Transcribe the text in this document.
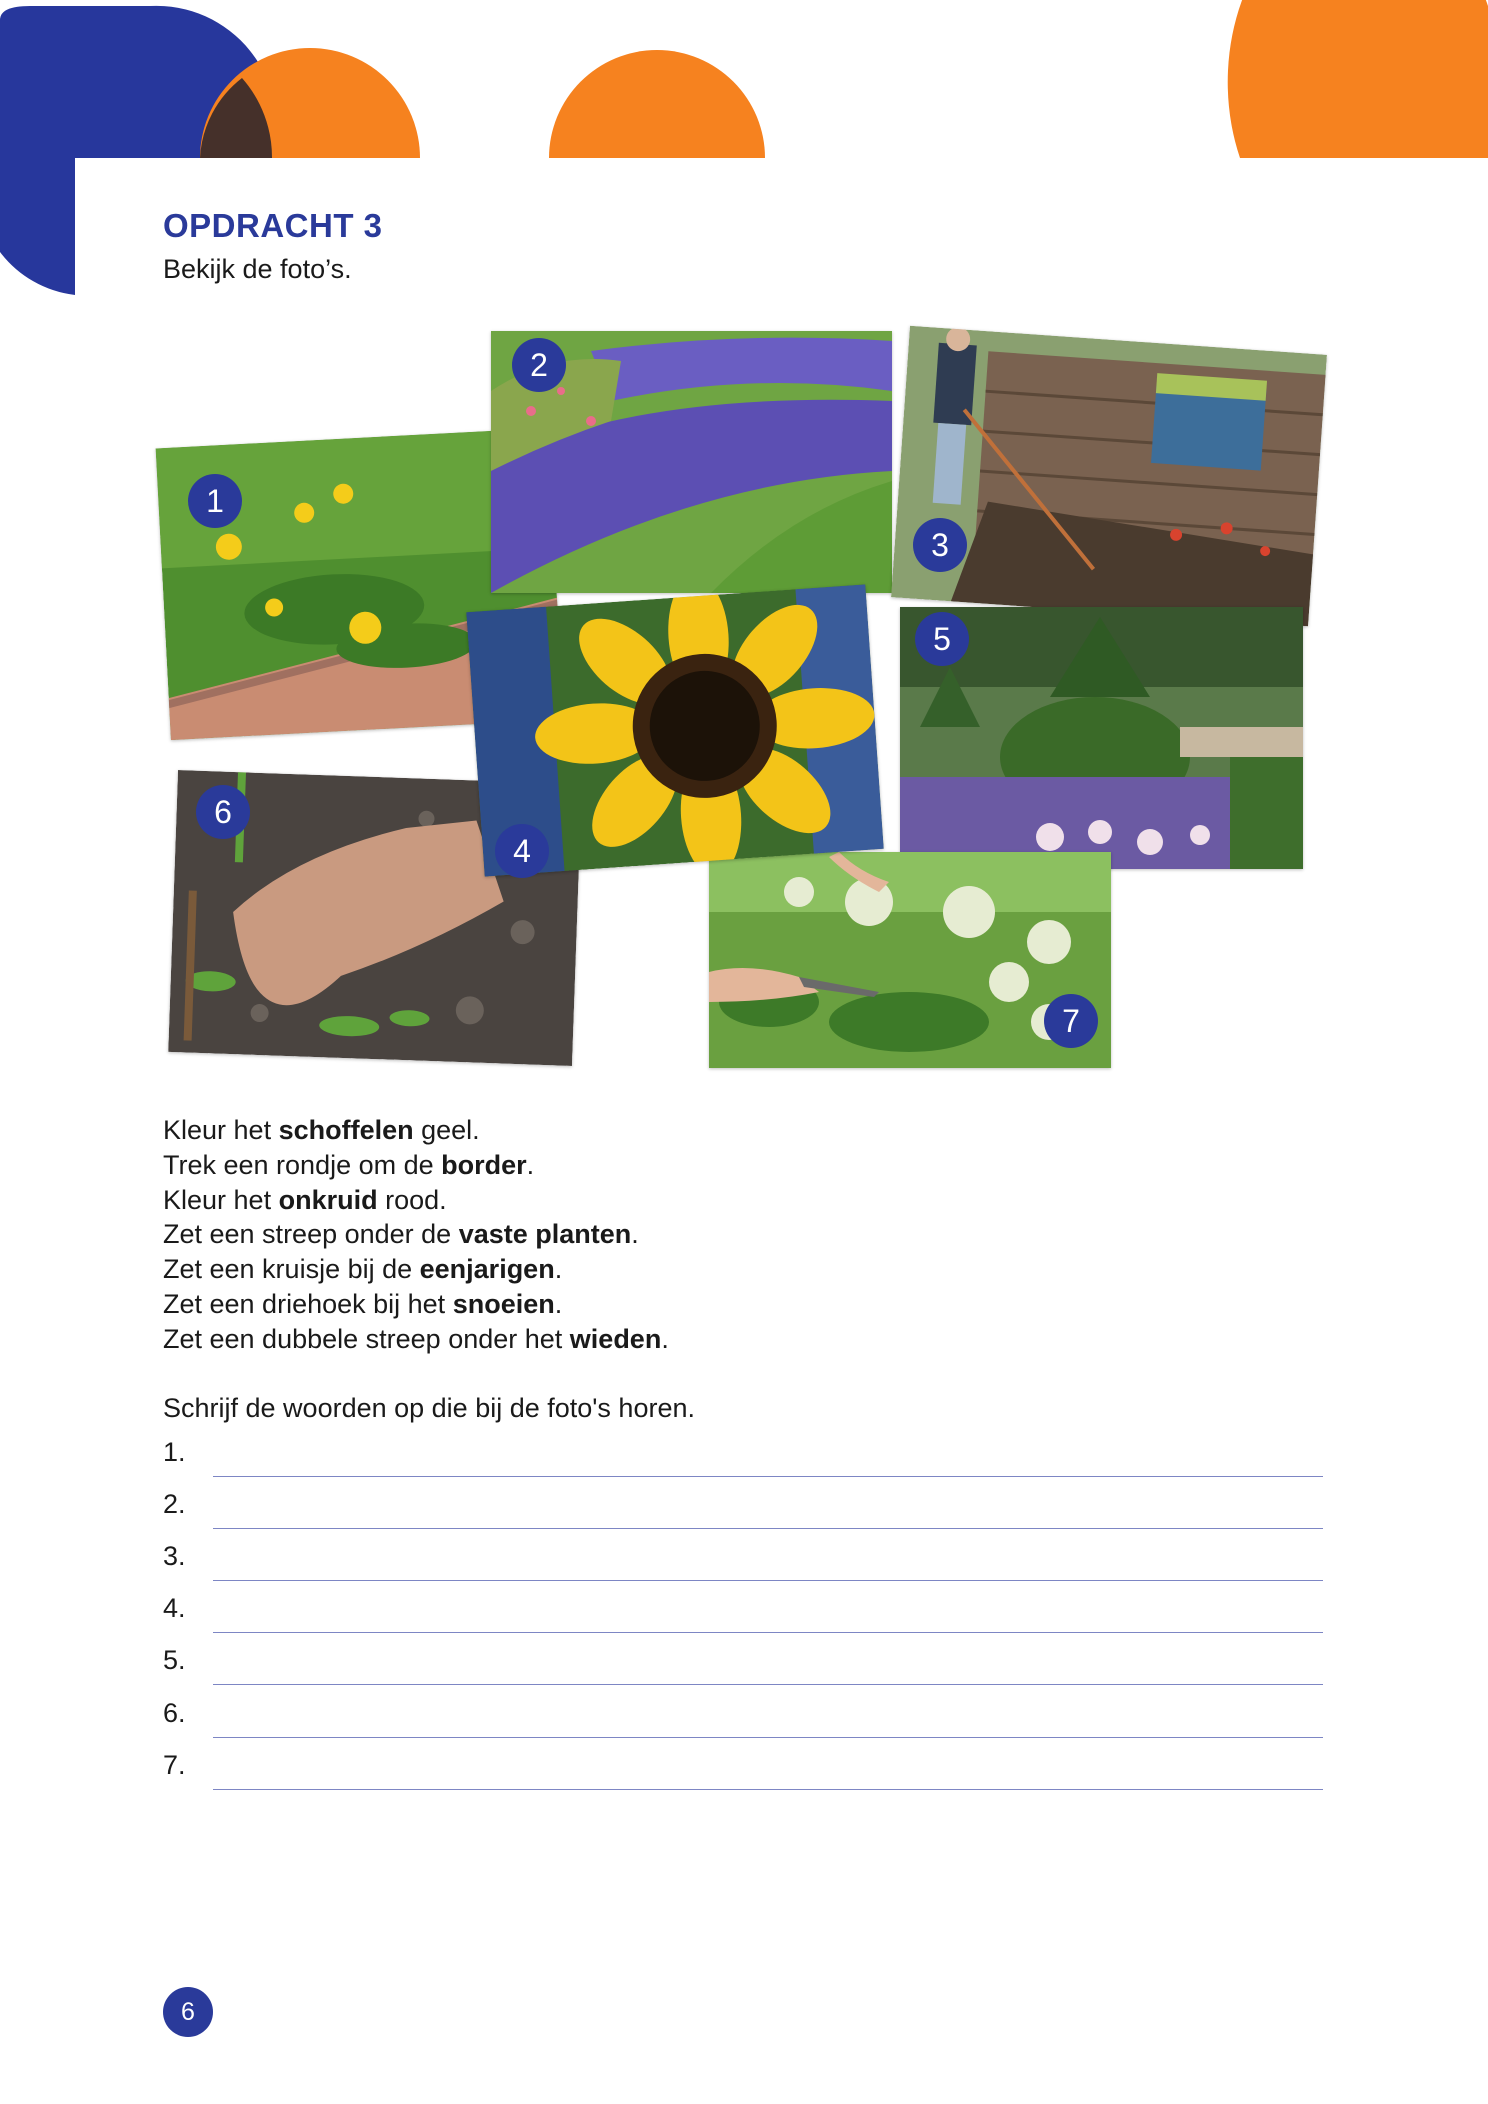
OPDRACHT 3

Bekijk de foto’s.

1
2
3
5
6
4
7
Kleur het schoffelen geel.
Trek een rondje om de border.
Kleur het onkruid rood.
Zet een streep onder de vaste planten.
Zet een kruisje bij de eenjarigen.
Zet een driehoek bij het snoeien.
Zet een dubbele streep onder het wieden.

Schrijf de woorden op die bij de foto's horen.

1.
2.
3.
4.
5.
6.
7.
6
